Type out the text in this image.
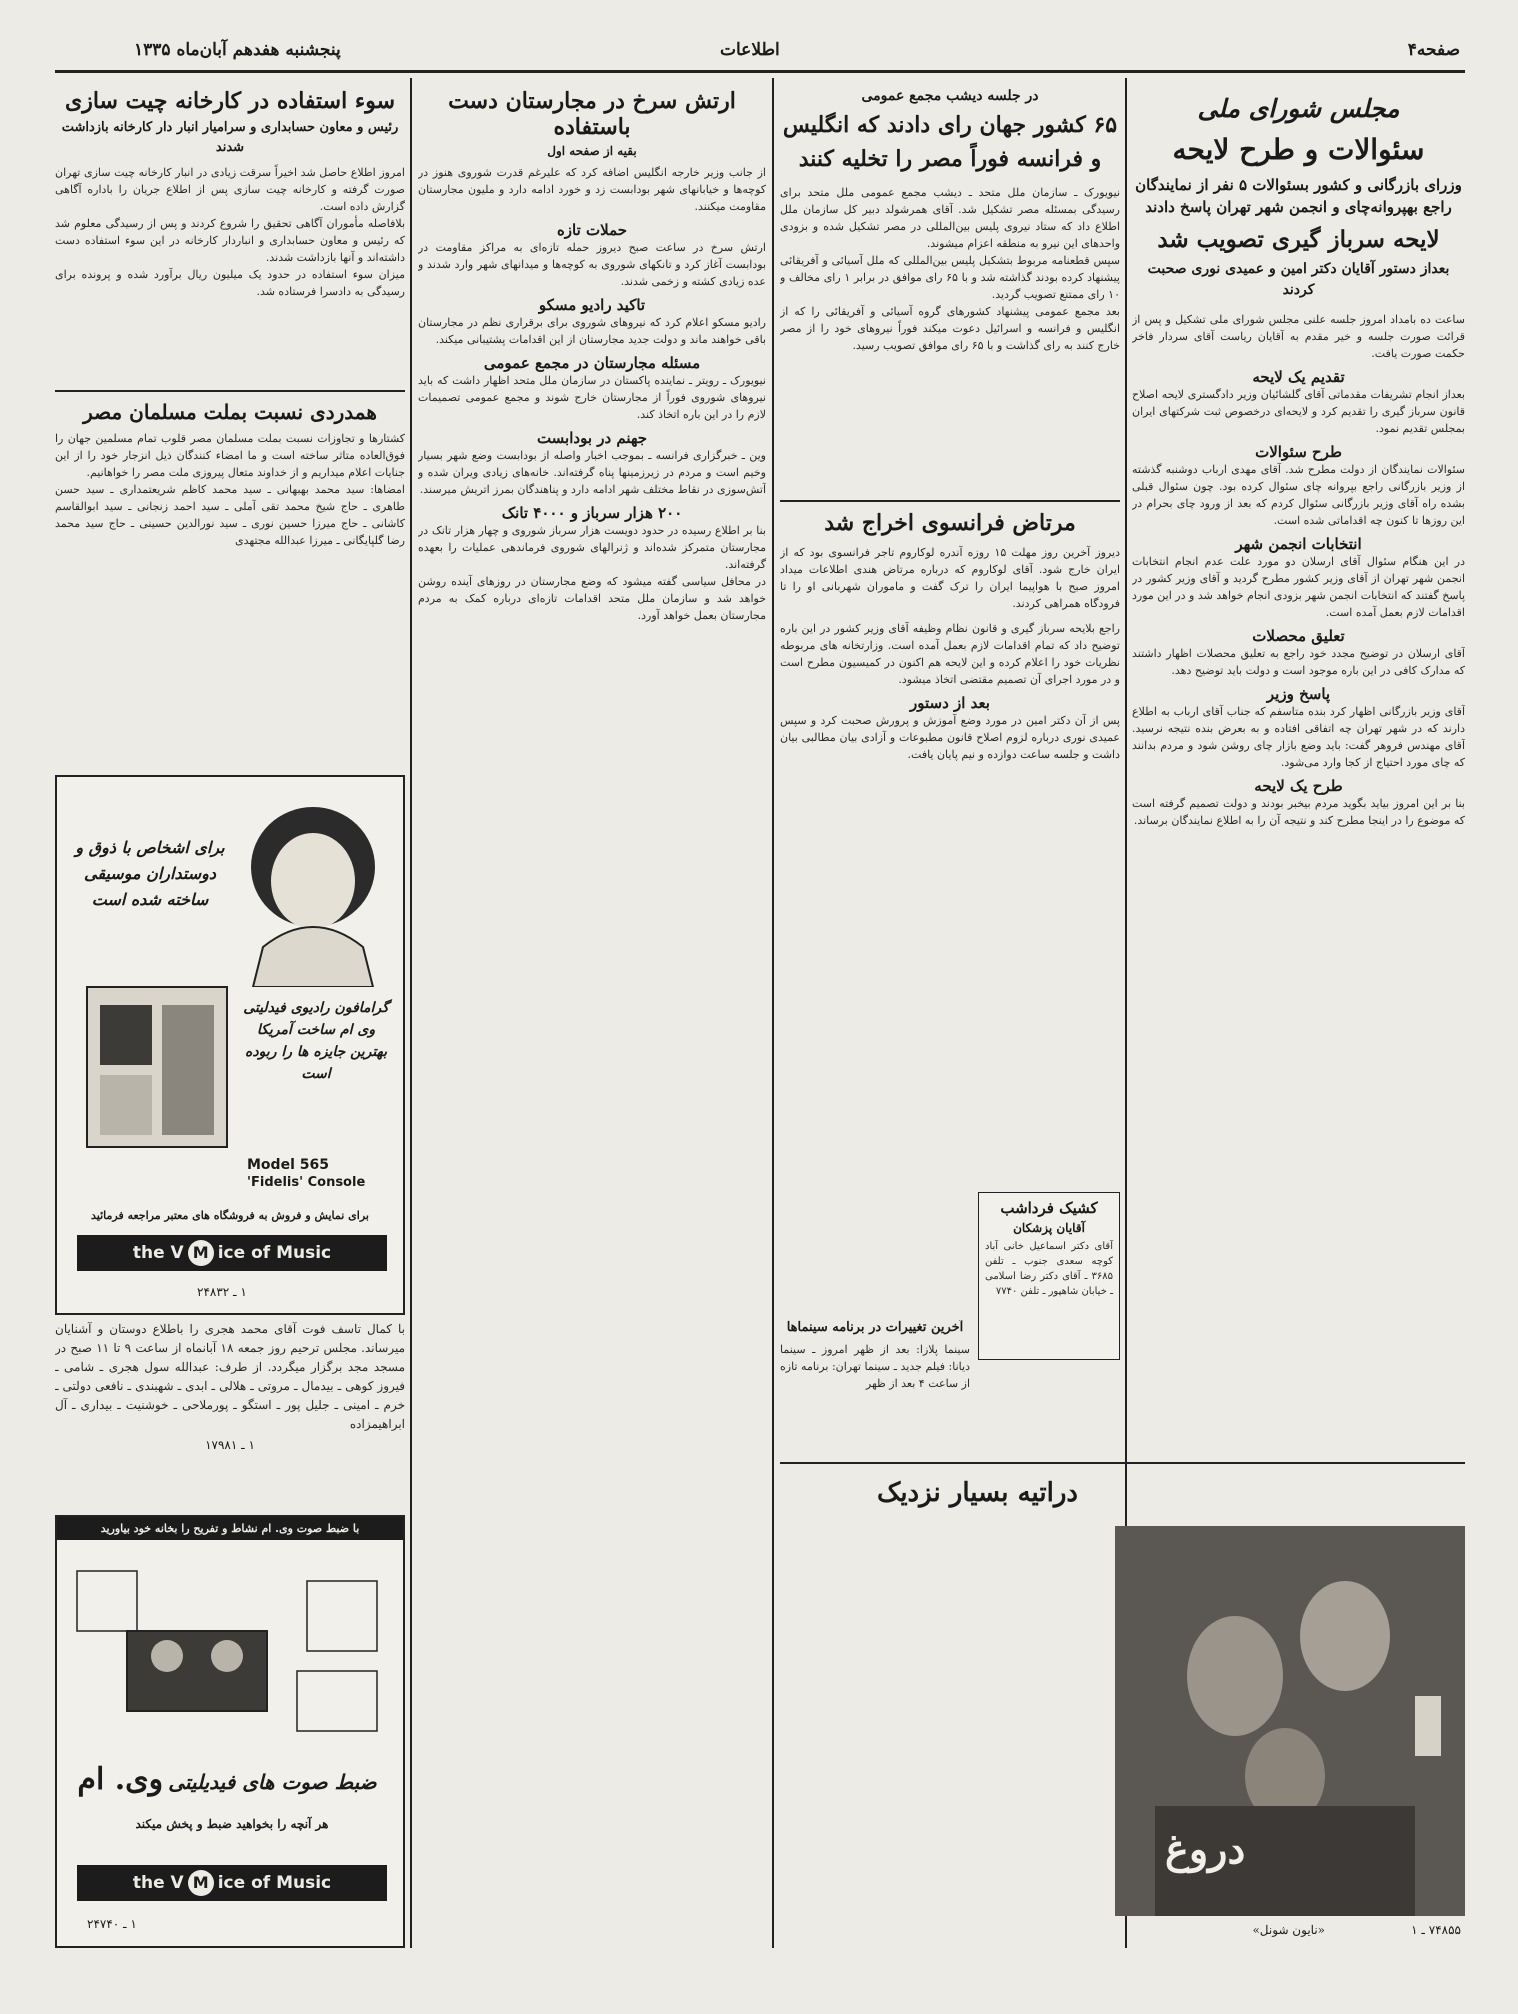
صفحه۴
اطلاعات
پنجشنبه هفدهم آبان‌ماه ۱۳۳۵
مجلس شورای ملی
سئوالات و طرح لایحه
وزرای بازرگانی و کشور بسئوالات ۵ نفر از نمایندگان راجع بهپروانه‌چای و انجمن شهر تهران پاسخ دادند
لایحه سرباز گیری تصویب شد
بعداز دستور آقایان دکتر امین و عمیدی نوری صحبت کردند

ساعت ده بامداد امروز جلسه علنی مجلس شورای ملی تشکیل و پس از قرائت صورت جلسه و خیر مقدم به آقایان ریاست آقای سردار فاخر حکمت صورت یافت.

تقدیم یک لایحه

بعداز انجام تشریفات مقدماتی آقای گلشائیان وزیر دادگستری لایحه اصلاح قانون سرباز گیری را تقدیم کرد و لایحه‌ای درخصوص ثبت شرکتهای ایران بمجلس تقدیم نمود.

طرح سئوالات

سئوالات نمایندگان از دولت مطرح شد. آقای مهدی ارباب دوشنبه گذشته از وزیر بازرگانی راجع بپروانه چای سئوال کرده بود. چون سئوال قبلی بشده راه آقای وزیر بازرگانی سئوال کردم که بعد از ورود چای بحرام در این روزها تا کنون چه اقداماتی شده است.

انتخابات انجمن شهر

در این هنگام سئوال آقای ارسلان دو مورد علت عدم انجام انتخابات انجمن شهر تهران از آقای وزیر کشور مطرح گردید و آقای وزیر کشور در پاسخ گفتند که انتخابات انجمن شهر بزودی انجام خواهد شد و در این مورد اقدامات لازم بعمل آمده است.

تعلیق محصلات

آقای ارسلان در توضیح مجدد خود راجع به تعلیق محصلات اظهار داشتند که مدارک کافی در این باره موجود است و دولت باید توضیح دهد.

پاسخ وزیر

آقای وزیر بازرگانی اظهار کرد بنده متاسفم که جناب آقای ارباب به اطلاع دارند که در شهر تهران چه اتفاقی افتاده و به بعرض بنده نتیجه نرسید. آقای مهندس فروهر گفت: باید وضع بازار چای روشن شود و مردم بدانند که چای مورد احتیاج از کجا وارد می‌شود.

طرح یک لایحه

بنا بر این امروز بیاید بگوید مردم بیخبر بودند و دولت تصمیم گرفته است که موضوع را در اینجا مطرح کند و نتیجه آن را به اطلاع نمایندگان برساند.

در جلسه دیشب مجمع عمومی
۶۵ کشور جهان رای دادند که انگلیس و فرانسه فوراً مصر را تخلیه کنند

نیویورک ـ سازمان ملل متحد ـ دیشب مجمع عمومی ملل متحد برای رسیدگی بمسئله مصر تشکیل شد. آقای همرشولد دبیر کل سازمان ملل اطلاع داد که ستاد نیروی پلیس بین‌المللی در مصر تشکیل شده و بزودی واحدهای این نیرو به منطقه اعزام میشوند.

سپس قطعنامه مربوط بتشکیل پلیس بین‌المللی که ملل آسیائی و آفریقائی پیشنهاد کرده بودند گذاشته شد و با ۶۵ رای موافق در برابر ۱ رای مخالف و ۱۰ رای ممتنع تصویب گردید.

بعد مجمع عمومی پیشنهاد کشورهای گروه آسیائی و آفریقائی را که از انگلیس و فرانسه و اسرائیل دعوت میکند فوراً نیروهای خود را از مصر خارج کنند به رای گذاشت و با ۶۵ رای موافق تصویب رسید.

مرتاض فرانسوی اخراج شد

دیروز آخرین روز مهلت ۱۵ روزه آندره لوکاروم تاجر فرانسوی بود که از ایران خارج شود. آقای لوکاروم که درباره مرتاض هندی اطلاعات میداد امروز صبح با هواپیما ایران را ترک گفت و ماموران شهربانی او را تا فرودگاه همراهی کردند.

راجع بلایحه سرباز گیری و قانون نظام وظیفه آقای وزیر کشور در این باره توضیح داد که تمام اقدامات لازم بعمل آمده است. وزارتخانه های مربوطه نظریات خود را اعلام کرده و این لایحه هم اکنون در کمیسیون مطرح است و در مورد اجرای آن تصمیم مقتضی اتخاذ میشود.

بعد از دستور

پس از آن دکتر امین در مورد وضع آموزش و پرورش صحبت کرد و سپس عمیدی نوری درباره لزوم اصلاح قانون مطبوعات و آزادی بیان مطالبی بیان داشت و جلسه ساعت دوازده و نیم پایان یافت.

کشیک فرداشب
آقایان پزشکان

آقای دکتر اسماعیل خانی آباد کوچه سعدی جنوب ـ تلفن ۳۶۸۵ ـ آقای دکتر رضا اسلامی ـ خیابان شاهپور ـ تلفن ۷۷۴۰

آخرین تغییرات در برنامه سینماها

سینما پلازا: بعد از ظهر امروز ـ سینما دیانا: فیلم جدید ـ سینما تهران: برنامه تازه از ساعت ۴ بعد از ظهر

دراتیه بسیار نزدیک
دروغ
«نایون شونل»	۷۴۸۵۵ ـ ۱
ارتش سرخ در مجارستان دست باستفاده
بقیه از صفحه اول

از جانب وزیر خارجه انگلیس اضافه کرد که علیرغم قدرت شوروی هنوز در کوچه‌ها و خیابانهای شهر بودابست زد و خورد ادامه دارد و ملیون مجارستان مقاومت میکنند.

حملات تازه

ارتش سرخ در ساعت صبح دیروز حمله تازه‌ای به مراکز مقاومت در بودابست آغاز کرد و تانکهای شوروی به کوچه‌ها و میدانهای شهر وارد شدند و عده زیادی کشته و زخمی شدند.

تاکید رادیو مسکو

رادیو مسکو اعلام کرد که نیروهای شوروی برای برقراری نظم در مجارستان باقی خواهند ماند و دولت جدید مجارستان از این اقدامات پشتیبانی میکند.

مسئله مجارستان در مجمع عمومی

نیویورک ـ رویتر ـ نماینده پاکستان در سازمان ملل متحد اظهار داشت که باید نیروهای شوروی فوراً از مجارستان خارج شوند و مجمع عمومی تصمیمات لازم را در این باره اتخاذ کند.

جهنم در بودابست

وین ـ خبرگزاری فرانسه ـ بموجب اخبار واصله از بودابست وضع شهر بسیار وخیم است و مردم در زیرزمینها پناه گرفته‌اند. خانه‌های زیادی ویران شده و آتش‌سوزی در نقاط مختلف شهر ادامه دارد و پناهندگان بمرز اتریش میرسند.

۲۰۰ هزار سرباز و ۴۰۰۰ تانک

بنا بر اطلاع رسیده در حدود دویست هزار سرباز شوروی و چهار هزار تانک در مجارستان متمرکز شده‌اند و ژنرالهای شوروی فرماندهی عملیات را بعهده گرفته‌اند.

در محافل سیاسی گفته میشود که وضع مجارستان در روزهای آینده روشن خواهد شد و سازمان ملل متحد اقدامات تازه‌ای درباره کمک به مردم مجارستان بعمل خواهد آورد.

سوء استفاده در کارخانه چیت سازی
رئیس و معاون حسابداری و سرامیار انبار دار کارخانه بازداشت شدند

امروز اطلاع حاصل شد اخیراً سرقت زیادی در انبار کارخانه چیت سازی تهران صورت گرفته و کارخانه چیت سازی پس از اطلاع جریان را باداره آگاهی گزارش داده است.

بلافاصله مأموران آگاهی تحقیق را شروع کردند و پس از رسیدگی معلوم شد که رئیس و معاون حسابداری و انباردار کارخانه در این سوء استفاده دست داشته‌اند و آنها بازداشت شدند.

میزان سوء استفاده در حدود یک میلیون ریال برآورد شده و پرونده برای رسیدگی به دادسرا فرستاده شد.

همدردی نسبت بملت مسلمان مصر

کشتارها و تجاوزات نسبت بملت مسلمان مصر قلوب تمام مسلمین جهان را فوق‌العاده متاثر ساخته است و ما امضاء کنندگان ذیل انزجار خود را از این جنایات اعلام میداریم و از خداوند متعال پیروزی ملت مصر را خواهانیم.

امضاها: سید محمد بهبهانی ـ سید محمد کاظم شریعتمداری ـ سید حسن طاهری ـ حاج شیخ محمد تقی آملی ـ سید احمد زنجانی ـ سید ابوالقاسم کاشانی ـ حاج میرزا حسین نوری ـ سید نورالدین حسینی ـ حاج سید محمد رضا گلپایگانی ـ میرزا عبدالله مجتهدی

برای اشخاص با ذوق و دوستداران موسیقی ساخته شده است
گرامافون رادیوی فیدلیتی وی ام ساخت آمریکا بهترین جایزه ها را ربوده است
Model 565
'Fidelis' Console
برای نمایش و فروش به فروشگاه های معتبر مراجعه فرمائید
the V M ice of Music
۱ ـ ۲۴۸۳۲

با کمال تاسف فوت آقای محمد هجری را باطلاع دوستان و آشنایان میرساند. مجلس ترحیم روز جمعه ۱۸ آبانماه از ساعت ۹ تا ۱۱ صبح در مسجد مجد برگزار میگردد. از طرف: عبدالله سول هجری ـ شامی ـ فیروز کوهی ـ بیدمال ـ مروتی ـ هلالی ـ ابدی ـ شهبندی ـ نافعی دولتی ـ خرم ـ امینی ـ جلیل پور ـ استگو ـ پورملاحی ـ خوشنیت ـ بیداری ـ آل ابراهیمزاده

۱ ـ ۱۷۹۸۱
با ضبط صوت وی. ام نشاط و تفریح را بخانه خود بیاورید
ضبط صوت های فیدیلیتی وی. ام
هر آنچه را بخواهید ضبط و پخش میکند
the V M ice of Music
۱ ـ ۲۴۷۴۰
